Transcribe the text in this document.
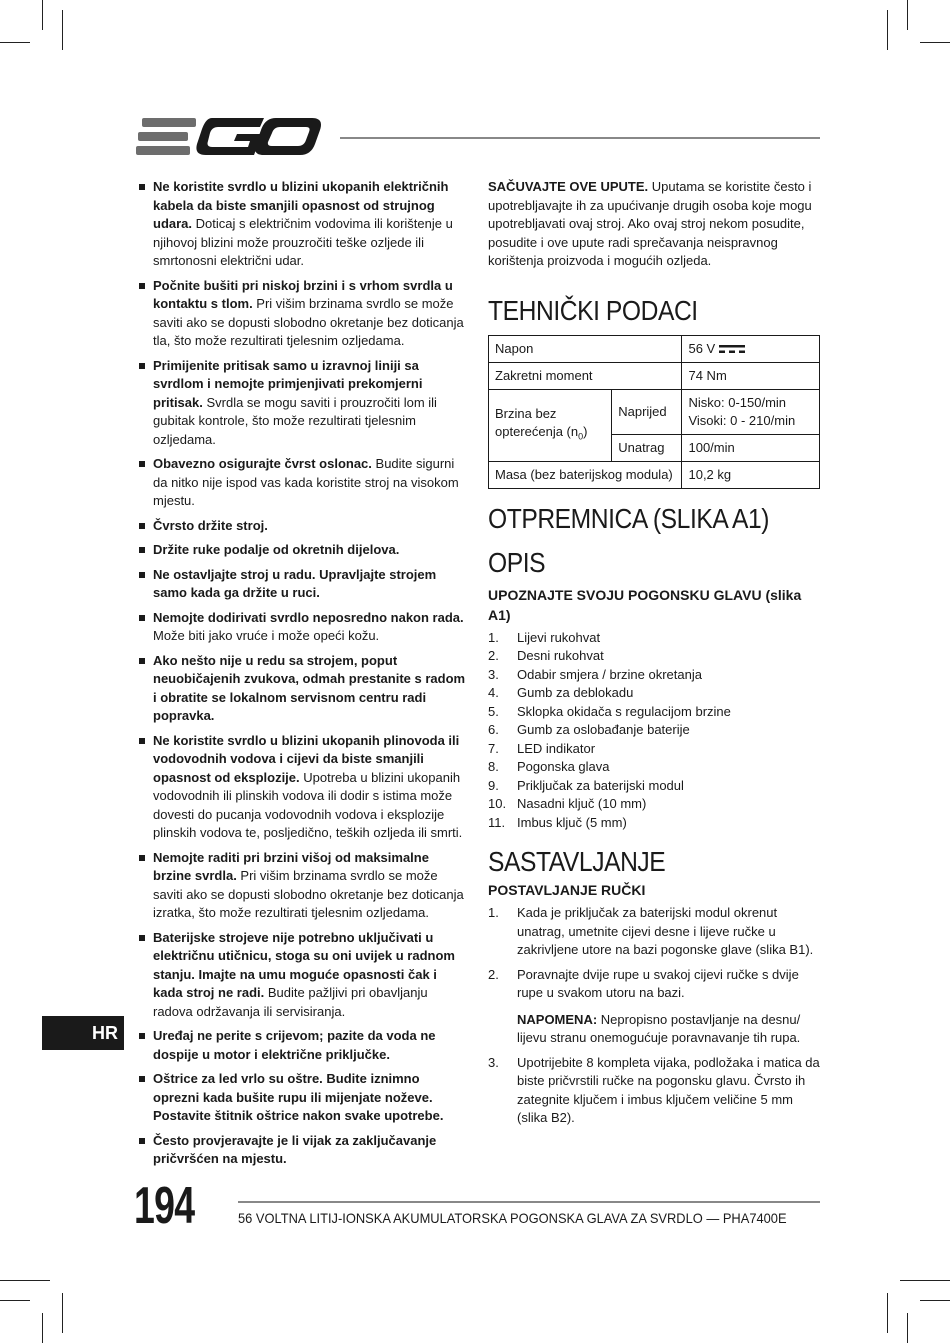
Ne koristite svrdlo u blizini ukopanih električnih kabela da biste smanjili opasnost od strujnog udara. Doticaj s električnim vodovima ili korištenje u njihovoj blizini može prouzročiti teške ozljede ili smrtonosni električni udar.
Počnite bušiti pri niskoj brzini i s vrhom svrdla u kontaktu s tlom. Pri višim brzinama svrdlo se može saviti ako se dopusti slobodno okretanje bez doticanja tla, što može rezultirati tjelesnim ozljedama.
Primijenite pritisak samo u izravnoj liniji sa svrdlom i nemojte primjenjivati prekomjerni pritisak. Svrdla se mogu saviti i prouzročiti lom ili gubitak kontrole, što može rezultirati tjelesnim ozljedama.
Obavezno osigurajte čvrst oslonac. Budite sigurni da nitko nije ispod vas kada koristite stroj na visokom mjestu.
Čvrsto držite stroj.
Držite ruke podalje od okretnih dijelova.
Ne ostavljajte stroj u radu. Upravljajte strojem samo kada ga držite u ruci.
Nemojte dodirivati svrdlo neposredno nakon rada. Može biti jako vruće i može opeći kožu.
Ako nešto nije u redu sa strojem, poput neuobičajenih zvukova, odmah prestanite s radom i obratite se lokalnom servisnom centru radi popravka.
Ne koristite svrdlo u blizini ukopanih plinovoda ili vodovodnih vodova i cijevi da biste smanjili opasnost od eksplozije. Upotreba u blizini ukopanih vodovodnih ili plinskih vodova ili dodir s istima može dovesti do pucanja vodovodnih vodova i eksplozije plinskih vodova te, posljedično, teških ozljeda ili smrti.
Nemojte raditi pri brzini višoj od maksimalne brzine svrdla. Pri višim brzinama svrdlo se može saviti ako se dopusti slobodno okretanje bez doticanja izratka, što može rezultirati tjelesnim ozljedama.
Baterijske strojeve nije potrebno uključivati u električnu utičnicu, stoga su oni uvijek u radnom stanju. Imajte na umu moguće opasnosti čak i kada stroj ne radi. Budite pažljivi pri obavljanju radova održavanja ili servisiranja.
Uređaj ne perite s crijevom; pazite da voda ne dospije u motor i električne priključke.
Oštrice za led vrlo su oštre. Budite iznimno oprezni kada bušite rupu ili mijenjate noževe. Postavite štitnik oštrice nakon svake upotrebe.
Često provjeravajte je li vijak za zaključavanje pričvršćen na mjestu.

SAČUVAJTE OVE UPUTE. Uputama se koristite često i upotrebljavajte ih za upućivanje drugih osoba koje mogu upotrebljavati ovaj stroj. Ako ovaj stroj nekom posudite, posudite i ove upute radi sprečavanja neispravnog korištenja proizvoda i mogućih ozljeda.

TEHNIČKI PODACI
Napon		56 V
Zakretni moment		74 Nm
Brzina bez opterećenja $(n_0)$	Naprijed	Nisko: 0-150/min
Visoki: 0 - 210/min

	Unatrag	100/min
Masa (bez baterijskog modula)		10,2 kg
OTPREMNICA (SLIKA A1)
OPIS
UPOZNAJTE SVOJU POGONSKU GLAVU (slika A1)
1. Lijevi rukohvat
2. Desni rukohvat
3. Odabir smjera / brzine okretanja
4. Gumb za deblokadu
5. Sklopka okidača s regulacijom brzine
6. Gumb za oslobađanje baterije
7. LED indikator
8. Pogonska glava
9. Priključak za baterijski modul
10. Nasadni ključ (10 mm)
11. Imbus ključ (5 mm)
SASTAVLJANJE
POSTAVLJANJE RUČKI
1. Kada je priključak za baterijski modul okrenut unatrag, umetnite cijevi desne i lijeve ručke u zakrivljene utore na bazi pogonske glave (slika B1).
2. Poravnajte dvije rupe u svakoj cijevi ručke s dvije rupe u svakom utoru na bazi.
NAPOMENA: Nepropisno postavljanje na desnu/ lijevu stranu onemogućuje poravnavanje tih rupa.
3. Upotrijebite 8 kompleta vijaka, podložaka i matica da biste pričvrstili ručke na pogonsku glavu. Čvrsto ih zategnite ključem i imbus ključem veličine 5 mm (slika B2).
HR
194	56 VOLTNA LITIJ-IONSKA AKUMULATORSKA POGONSKA GLAVA ZA SVRDLO — PHA7400E
